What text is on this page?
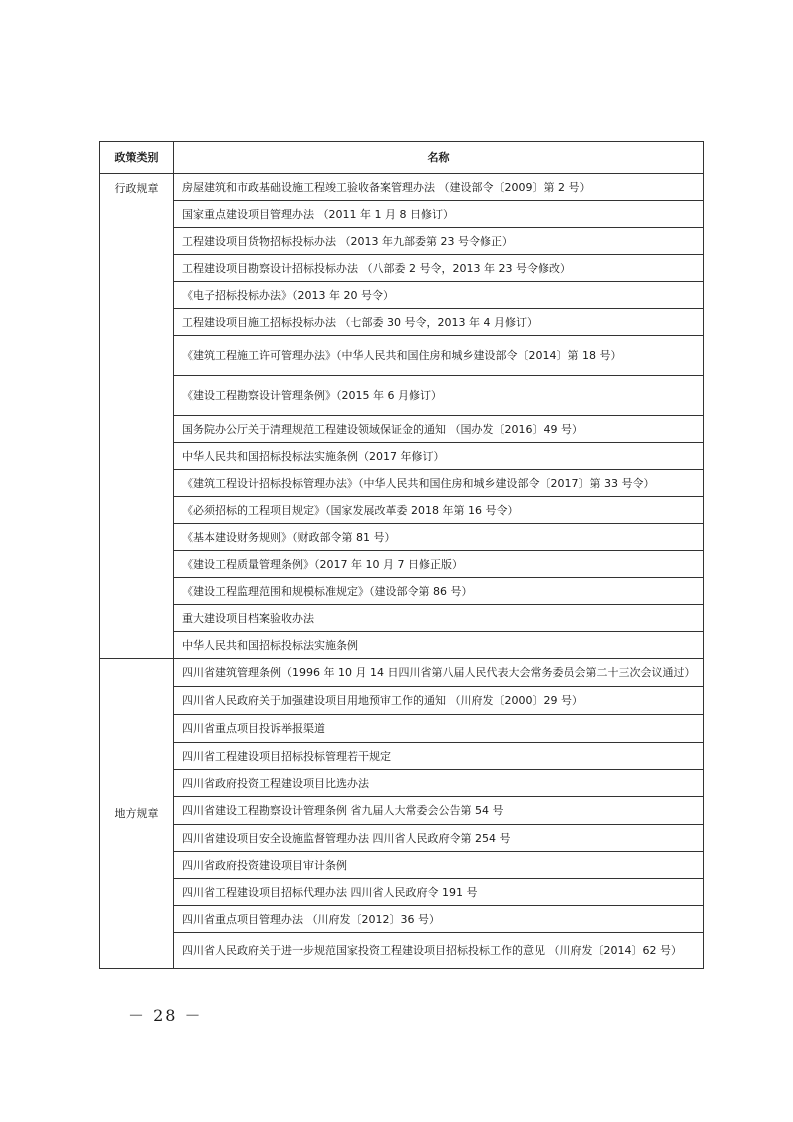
政策类别	名称
行政规章	房屋建筑和市政基础设施工程竣工验收备案管理办法 （建设部令〔2009〕第 2 号）
	国家重点建设项目管理办法 （2011 年 1 月 8 日修订）
	工程建设项目货物招标投标办法 （2013 年九部委第 23 号令修正）
	工程建设项目勘察设计招标投标办法 （八部委 2 号令，2013 年 23 号令修改）
	《电子招标投标办法》（2013 年 20 号令）
	工程建设项目施工招标投标办法 （七部委 30 号令，2013 年 4 月修订）
	《建筑工程施工许可管理办法》（中华人民共和国住房和城乡建设部令〔2014〕第 18 号）
	《建设工程勘察设计管理条例》（2015 年 6 月修订）
	国务院办公厅关于清理规范工程建设领域保证金的通知 （国办发〔2016〕49 号）
	中华人民共和国招标投标法实施条例（2017 年修订）
	《建筑工程设计招标投标管理办法》（中华人民共和国住房和城乡建设部令〔2017〕第 33 号令）
	《必须招标的工程项目规定》（国家发展改革委 2018 年第 16 号令）
	《基本建设财务规则》（财政部令第 81 号）
	《建设工程质量管理条例》（2017 年 10 月 7 日修正版）
	《建设工程监理范围和规模标准规定》（建设部令第 86 号）
	重大建设项目档案验收办法
	中华人民共和国招标投标法实施条例
地方规章	四川省建筑管理条例（1996 年 10 月 14 日四川省第八届人民代表大会常务委员会第二十三次会议通过）
	四川省人民政府关于加强建设项目用地预审工作的通知 （川府发〔2000〕29 号）
	四川省重点项目投诉举报渠道
	四川省工程建设项目招标投标管理若干规定
	四川省政府投资工程建设项目比选办法
	四川省建设工程勘察设计管理条例 省九届人大常委会公告第 54 号
	四川省建设项目安全设施监督管理办法 四川省人民政府令第 254 号
	四川省政府投资建设项目审计条例
	四川省工程建设项目招标代理办法 四川省人民政府令 191 号
	四川省重点项目管理办法 （川府发〔2012〕36 号）
	四川省人民政府关于进一步规范国家投资工程建设项目招标投标工作的意见 （川府发〔2014〕62 号）
－ 28 －
